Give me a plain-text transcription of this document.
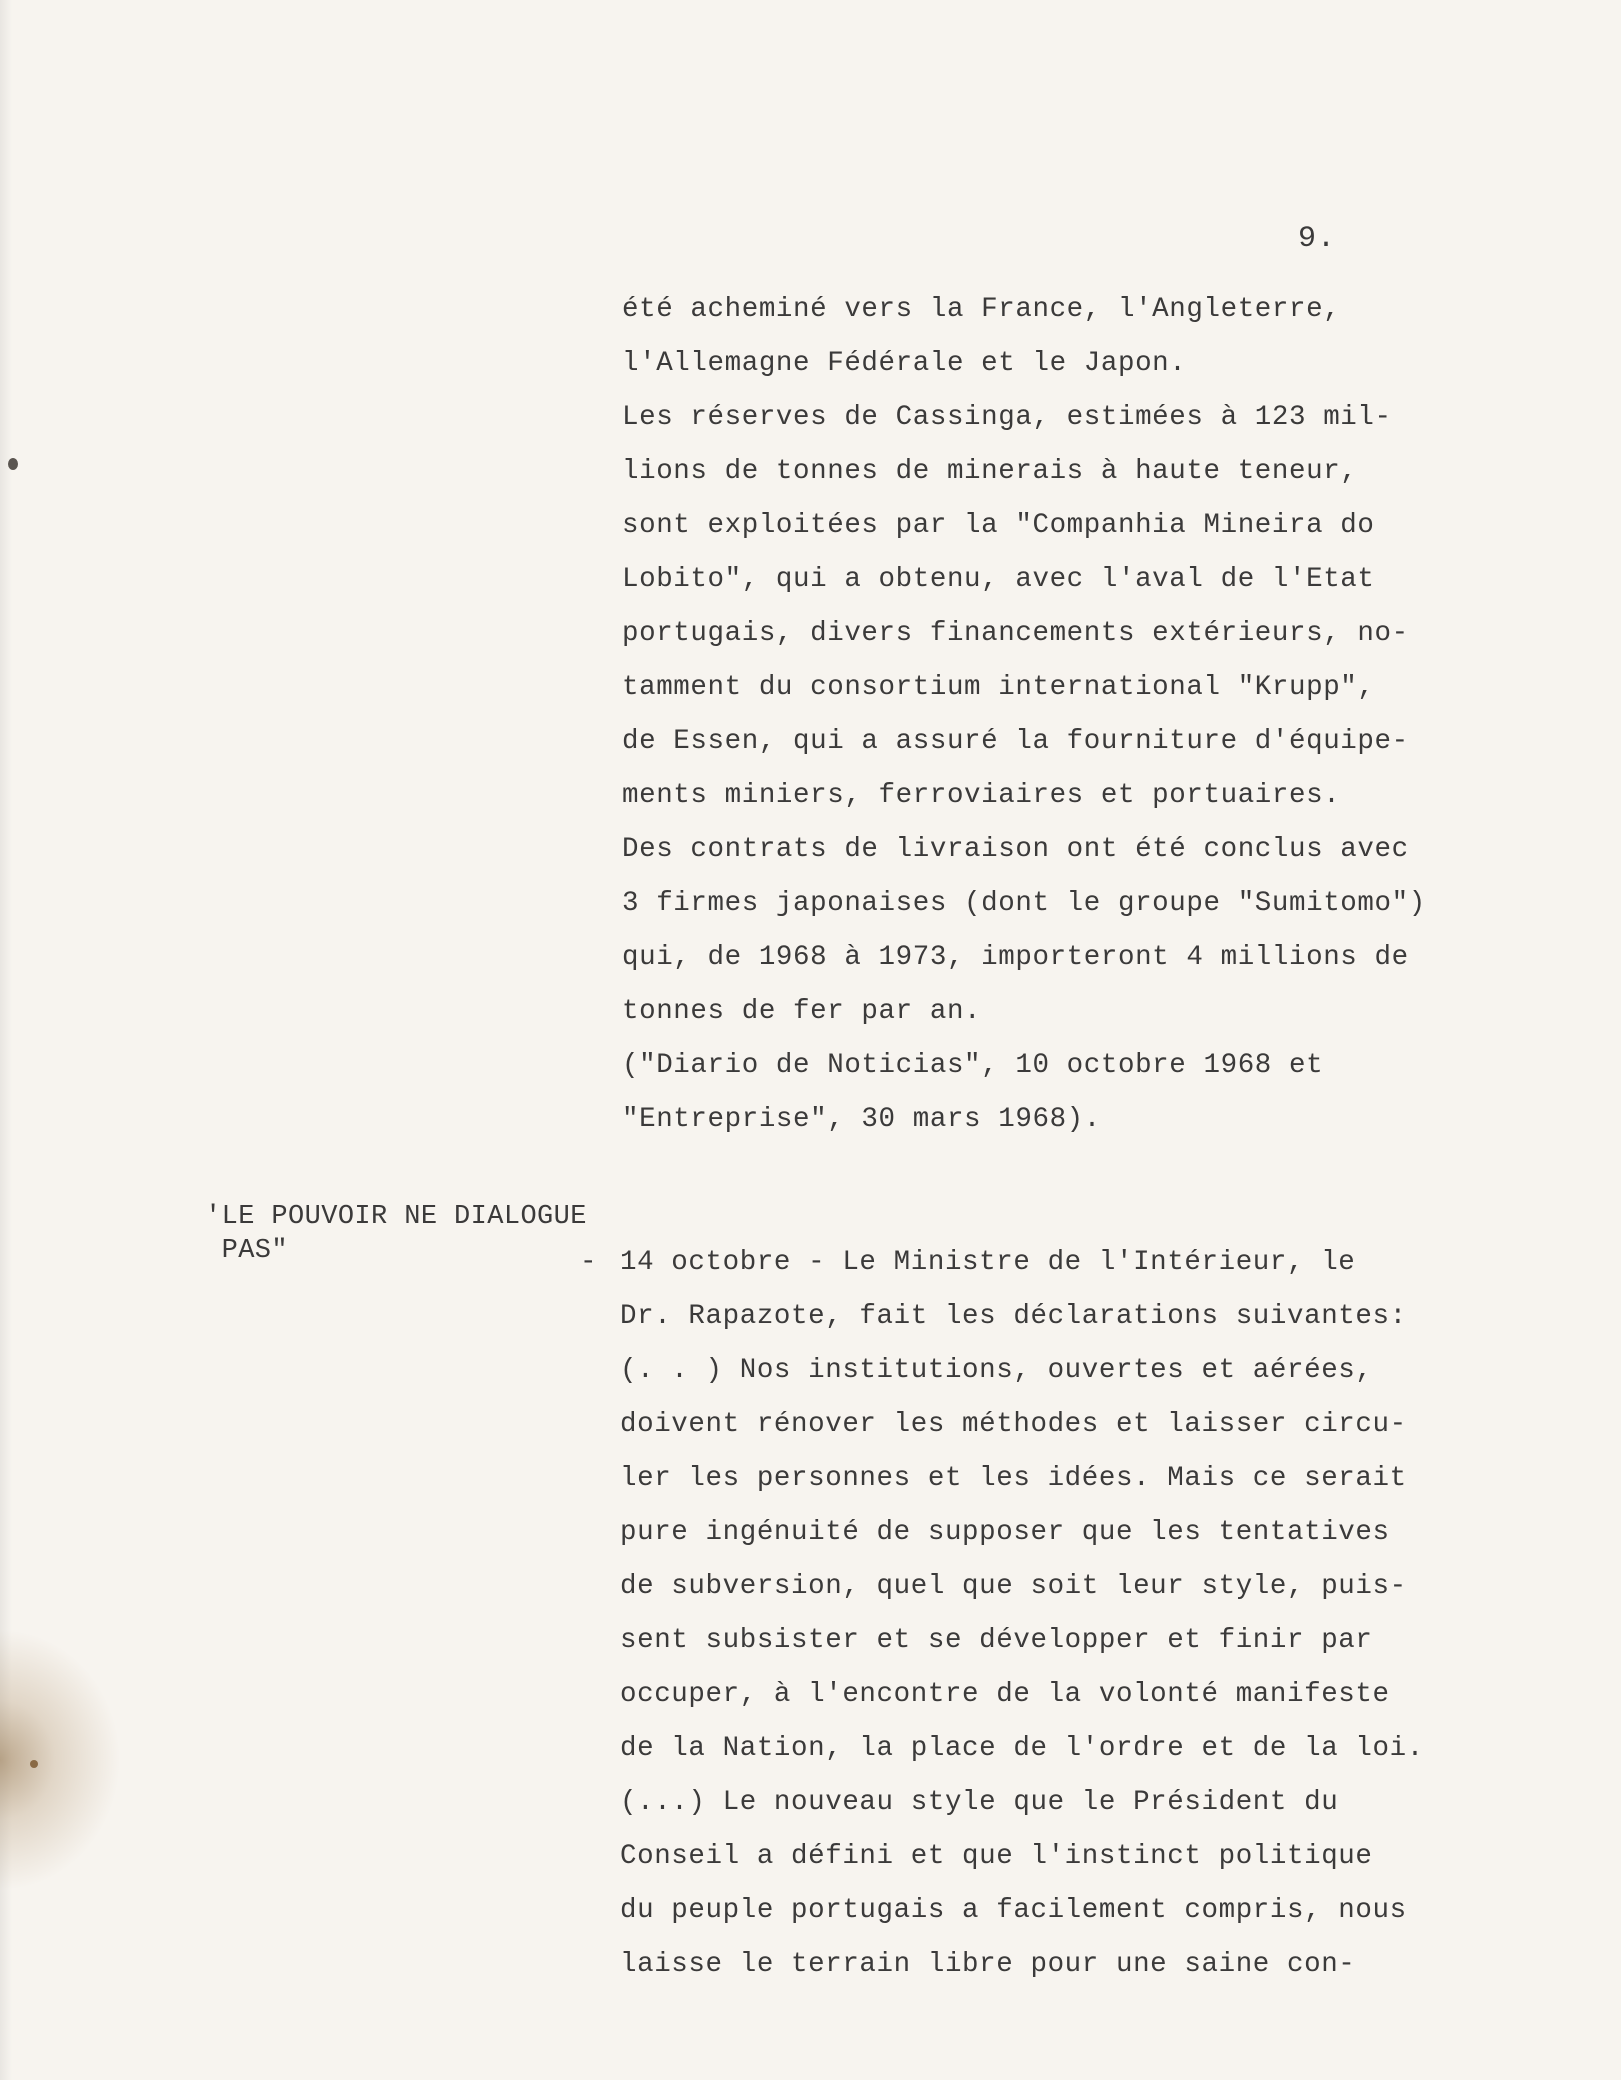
9.
été acheminé vers la France, l'Angleterre,
l'Allemagne Fédérale et le Japon.
Les réserves de Cassinga, estimées à 123 mil-
lions de tonnes de minerais à haute teneur,
sont exploitées par la "Companhia Mineira do
Lobito", qui a obtenu, avec l'aval de l'Etat
portugais, divers financements extérieurs, no-
tamment du consortium international "Krupp",
de Essen, qui a assuré la fourniture d'équipe-
ments miniers, ferroviaires et portuaires.
Des contrats de livraison ont été conclus avec
3 firmes japonaises (dont le groupe "Sumitomo")
qui, de 1968 à 1973, importeront 4 millions de
tonnes de fer par an.
("Diario de Noticias", 10 octobre 1968 et
"Entreprise", 30 mars 1968).
'LE POUVOIR NE DIALOGUE
PAS"	- 14 octobre - Le Ministre de l'Intérieur, le
Dr. Rapazote, fait les déclarations suivantes:
(. . ) Nos institutions, ouvertes et aérées,
doivent rénover les méthodes et laisser circu-
ler les personnes et les idées. Mais ce serait
pure ingénuité de supposer que les tentatives
de subversion, quel que soit leur style, puis-
sent subsister et se développer et finir par
occuper, à l'encontre de la volonté manifeste
de la Nation, la place de l'ordre et de la loi.
(...) Le nouveau style que le Président du
Conseil a défini et que l'instinct politique
du peuple portugais a facilement compris, nous
laisse le terrain libre pour une saine con-
